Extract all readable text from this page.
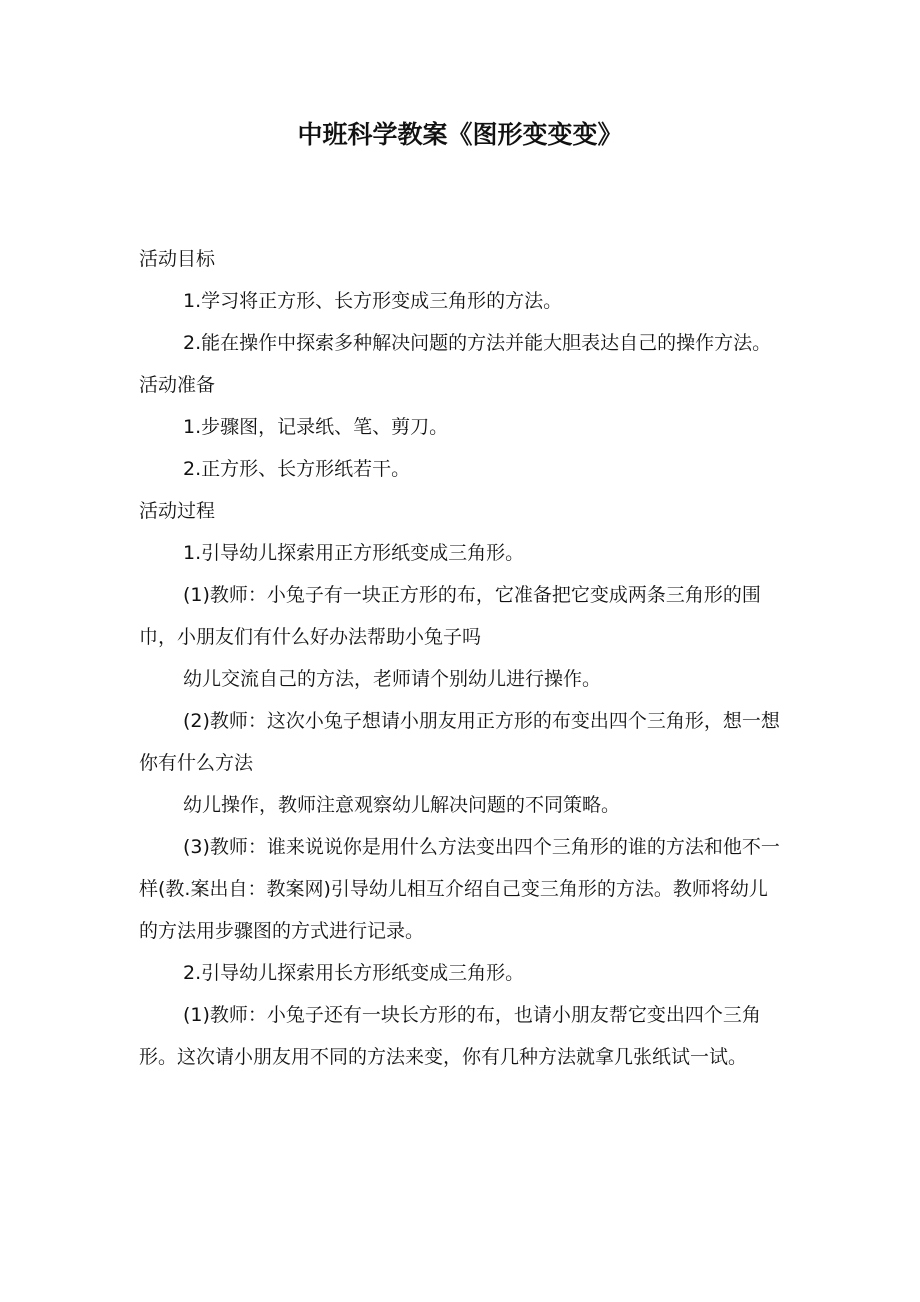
中班科学教案《图形变变变》

活动目标

1.学习将正方形、长方形变成三角形的方法。

2.能在操作中探索多种解决问题的方法并能大胆表达自己的操作方法。

活动准备

1.步骤图，记录纸、笔、剪刀。

2.正方形、长方形纸若干。

活动过程

1.引导幼儿探索用正方形纸变成三角形。

(1)教师：小兔子有一块正方形的布，它准备把它变成两条三角形的围巾，小朋友们有什么好办法帮助小兔子吗

幼儿交流自己的方法，老师请个别幼儿进行操作。

(2)教师：这次小兔子想请小朋友用正方形的布变出四个三角形，想一想你有什么方法

幼儿操作，教师注意观察幼儿解决问题的不同策略。

(3)教师：谁来说说你是用什么方法变出四个三角形的谁的方法和他不一样(教.案出自：教案网)引导幼儿相互介绍自己变三角形的方法。教师将幼儿的方法用步骤图的方式进行记录。

2.引导幼儿探索用长方形纸变成三角形。

(1)教师：小兔子还有一块长方形的布，也请小朋友帮它变出四个三角形。这次请小朋友用不同的方法来变，你有几种方法就拿几张纸试一试。
